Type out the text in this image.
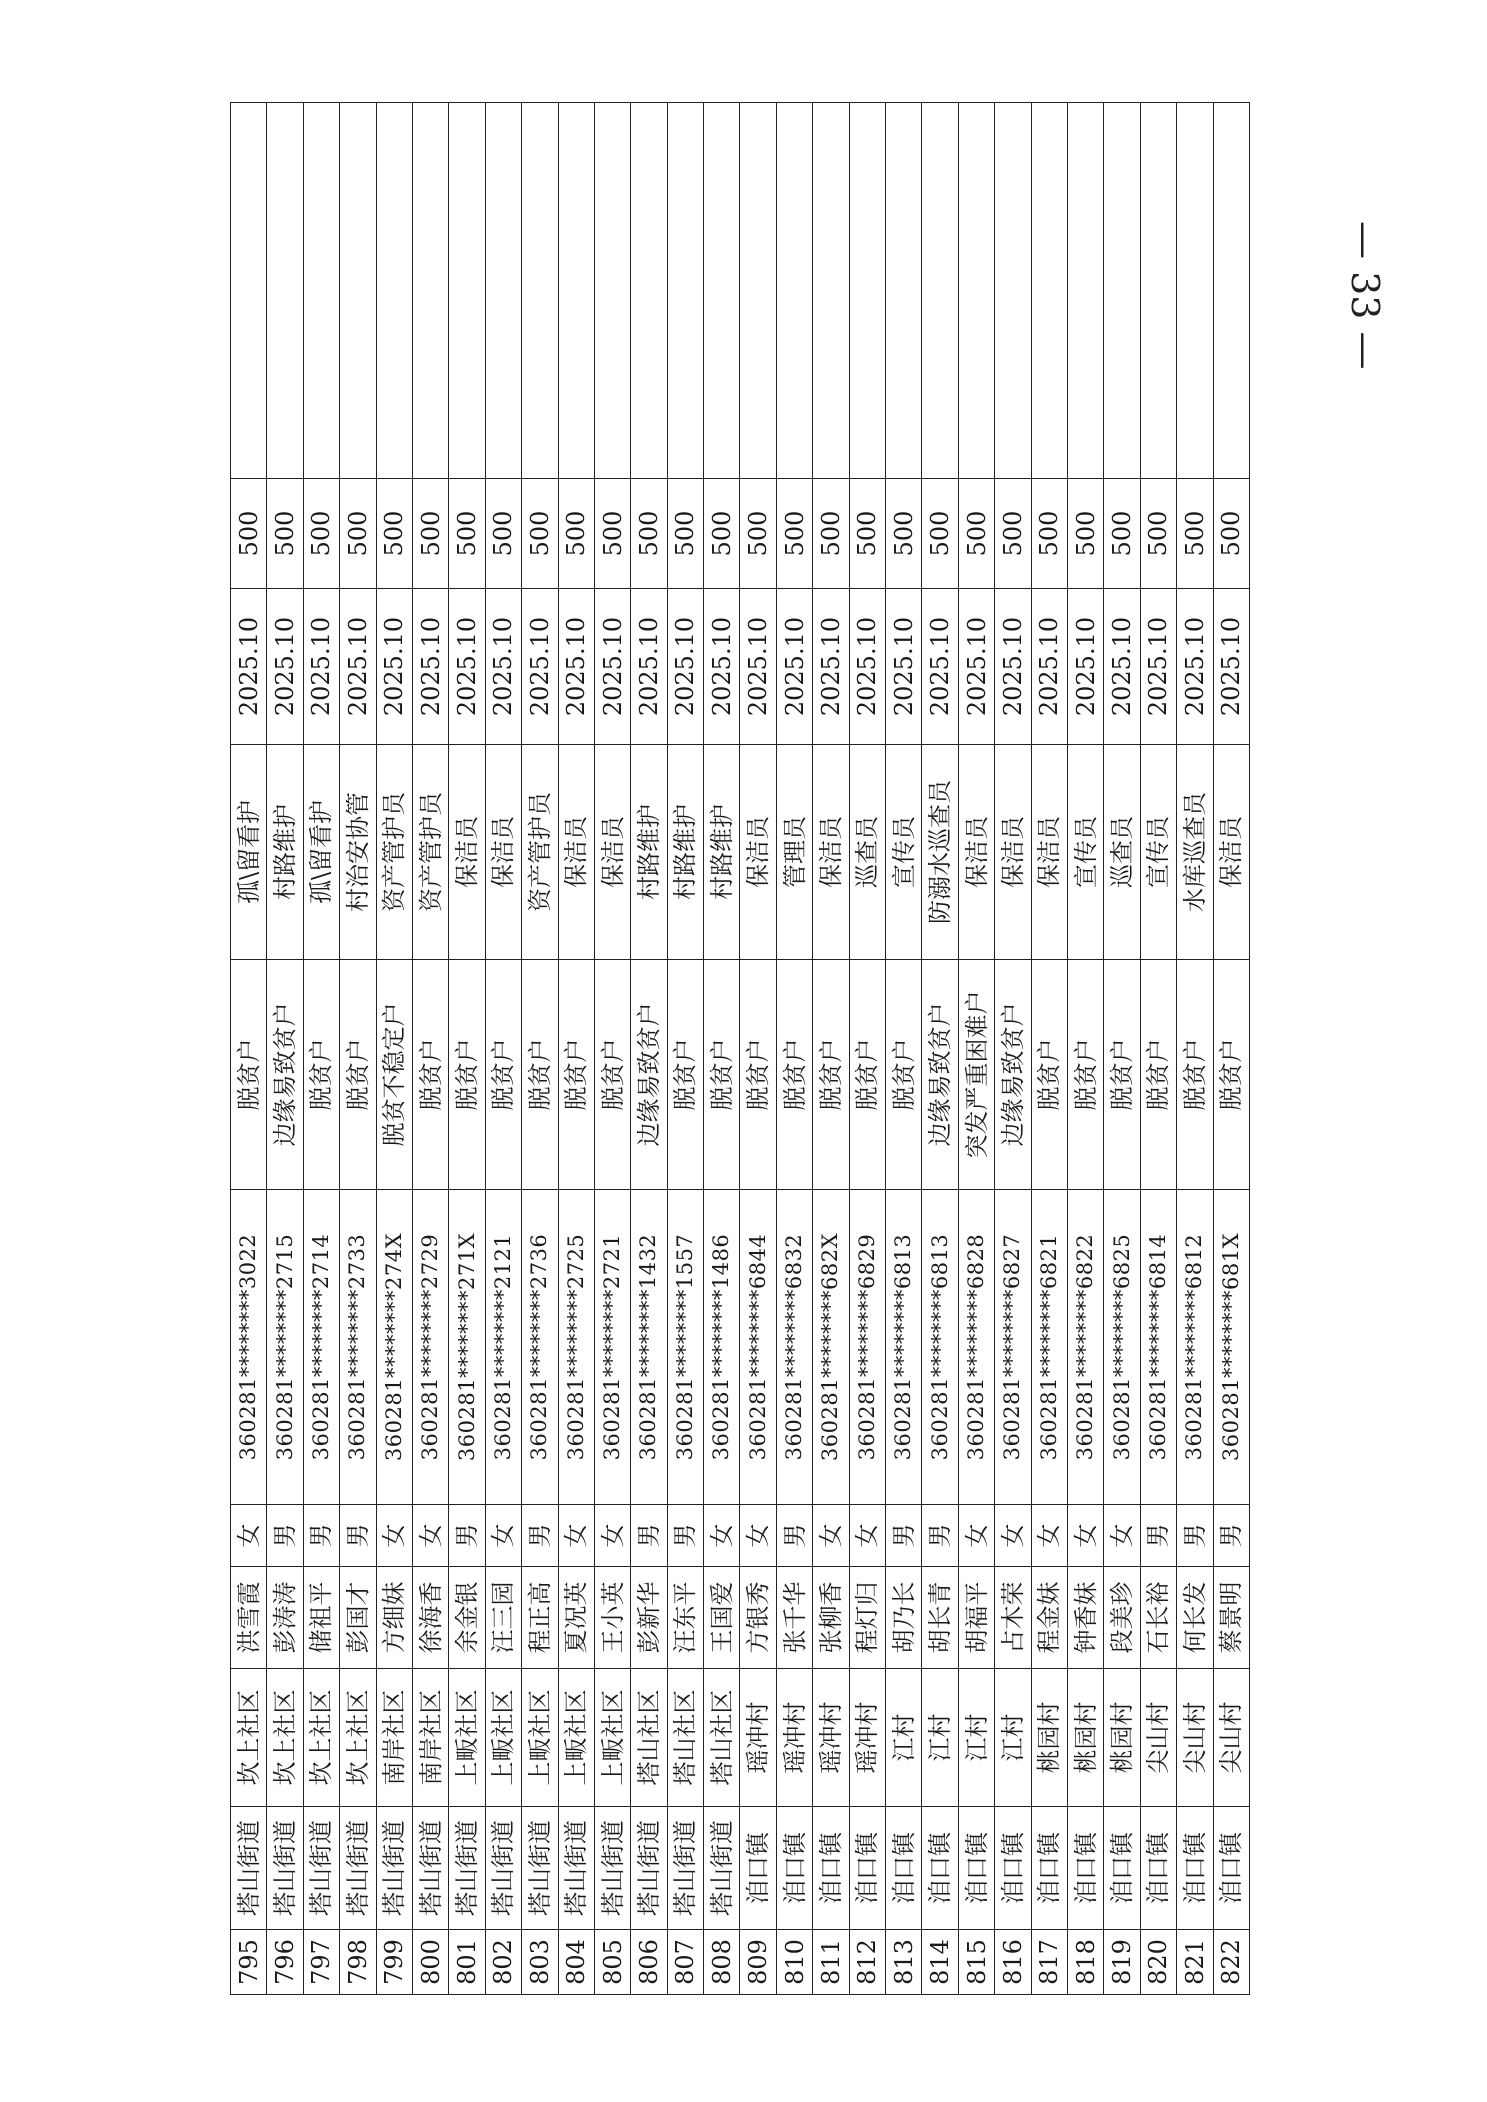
795	塔山街道	坎上社区	洪雪霞	女	360281********3022	脱贫户	孤\留看护	2025.10	500	
796	塔山街道	坎上社区	彭涛涛	男	360281********2715	边缘易致贫户	村路维护	2025.10	500	
797	塔山街道	坎上社区	储祖平	男	360281********2714	脱贫户	孤\留看护	2025.10	500	
798	塔山街道	坎上社区	彭国才	男	360281********2733	脱贫户	村治安协管	2025.10	500	
799	塔山街道	南岸社区	方细妹	女	360281********274X	脱贫不稳定户	资产管护员	2025.10	500	
800	塔山街道	南岸社区	徐海香	女	360281********2729	脱贫户	资产管护员	2025.10	500	
801	塔山街道	上畈社区	余金银	男	360281********271X	脱贫户	保洁员	2025.10	500	
802	塔山街道	上畈社区	汪三园	女	360281********2121	脱贫户	保洁员	2025.10	500	
803	塔山街道	上畈社区	程正高	男	360281********2736	脱贫户	资产管护员	2025.10	500	
804	塔山街道	上畈社区	夏况英	女	360281********2725	脱贫户	保洁员	2025.10	500	
805	塔山街道	上畈社区	王小英	女	360281********2721	脱贫户	保洁员	2025.10	500	
806	塔山街道	塔山社区	彭新华	男	360281********1432	边缘易致贫户	村路维护	2025.10	500	
807	塔山街道	塔山社区	汪东平	男	360281********1557	脱贫户	村路维护	2025.10	500	
808	塔山街道	塔山社区	王国爱	女	360281********1486	脱贫户	村路维护	2025.10	500	
809	洎口镇	瑶冲村	方银秀	女	360281********6844	脱贫户	保洁员	2025.10	500	
810	洎口镇	瑶冲村	张千华	男	360281********6832	脱贫户	管理员	2025.10	500	
811	洎口镇	瑶冲村	张柳香	女	360281********682X	脱贫户	保洁员	2025.10	500	
812	洎口镇	瑶冲村	程灯归	女	360281********6829	脱贫户	巡查员	2025.10	500	
813	洎口镇	江村	胡乃长	男	360281********6813	脱贫户	宣传员	2025.10	500	
814	洎口镇	江村	胡长青	男	360281********6813	边缘易致贫户	防溺水巡查员	2025.10	500	
815	洎口镇	江村	胡福平	女	360281********6828	突发严重困难户	保洁员	2025.10	500	
816	洎口镇	江村	占木荣	女	360281********6827	边缘易致贫户	保洁员	2025.10	500	
817	洎口镇	桃园村	程金妹	女	360281********6821	脱贫户	保洁员	2025.10	500	
818	洎口镇	桃园村	钟香妹	女	360281********6822	脱贫户	宣传员	2025.10	500	
819	洎口镇	桃园村	段美珍	女	360281********6825	脱贫户	巡查员	2025.10	500	
820	洎口镇	尖山村	石长裕	男	360281********6814	脱贫户	宣传员	2025.10	500	
821	洎口镇	尖山村	何长发	男	360281********6812	脱贫户	水库巡查员	2025.10	500	
822	洎口镇	尖山村	蔡景明	男	360281********681X	脱贫户	保洁员	2025.10	500	
— 33 —
